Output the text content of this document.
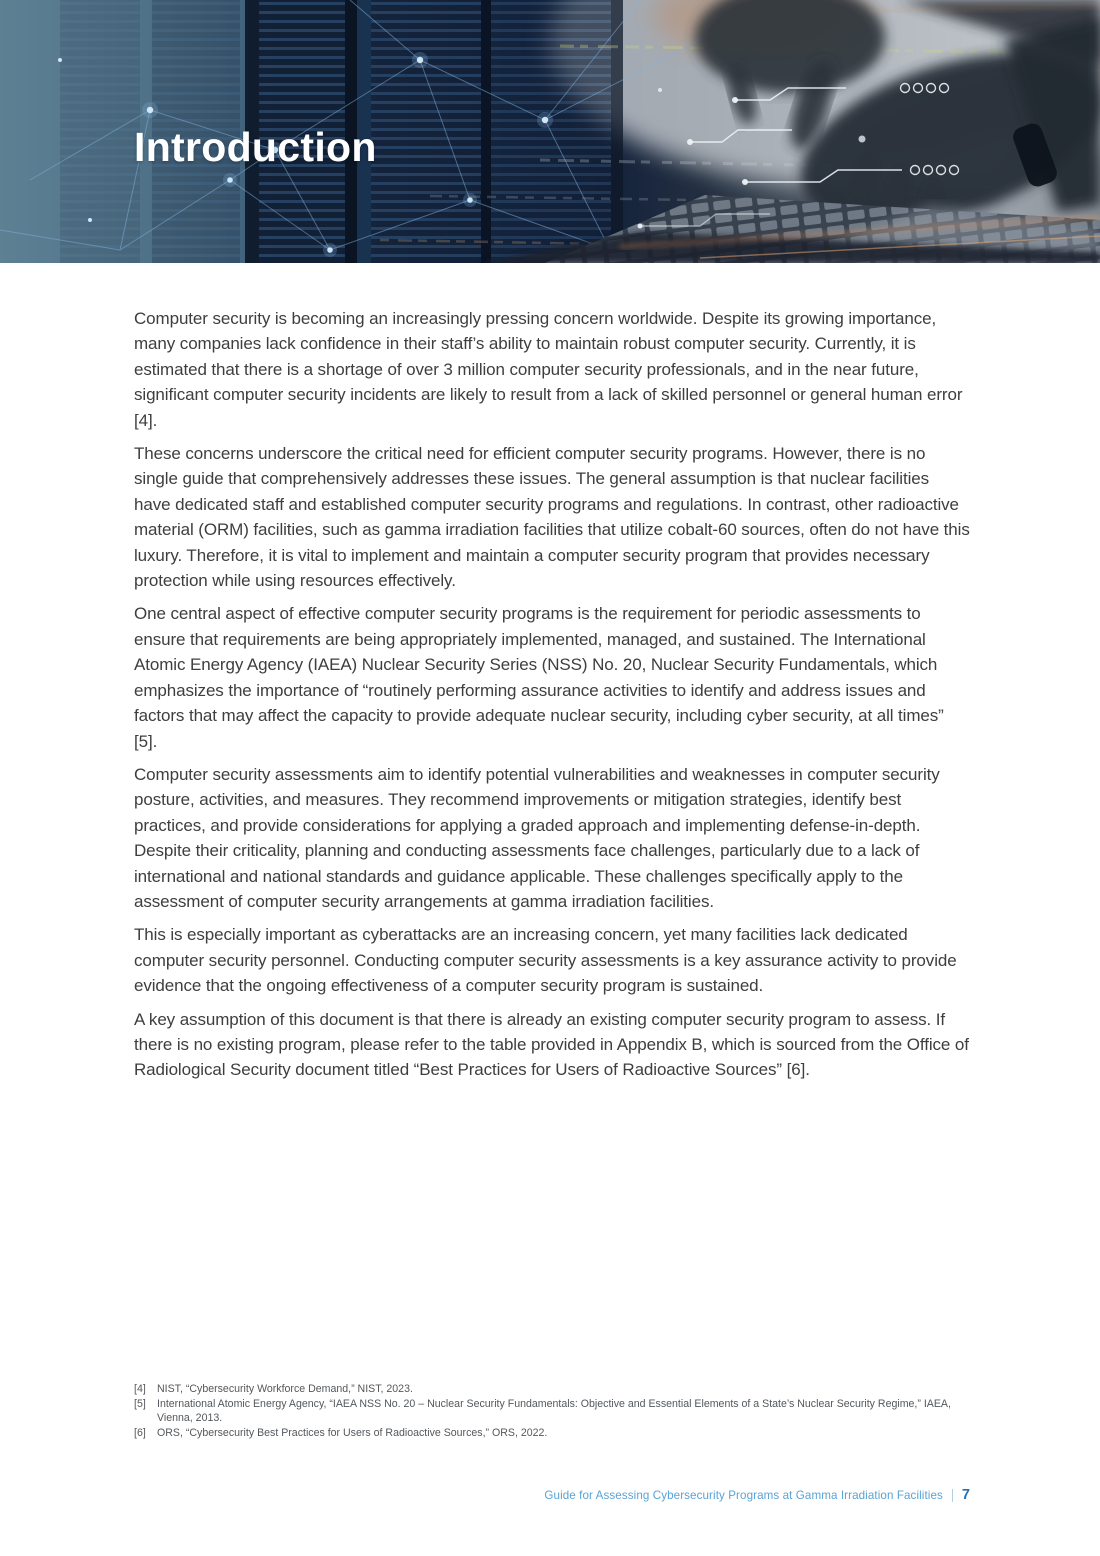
Introduction

Computer security is becoming an increasingly pressing concern worldwide. Despite its growing importance, many companies lack confidence in their staff’s ability to maintain robust computer security. Currently, it is estimated that there is a shortage of over 3 million computer security professionals, and in the near future, significant computer security incidents are likely to result from a lack of skilled personnel or general human error [4].

These concerns underscore the critical need for efficient computer security programs. However, there is no single guide that comprehensively addresses these issues. The general assumption is that nuclear facilities have dedicated staff and established computer security programs and regulations. In contrast, other radioactive material (ORM) facilities, such as gamma irradiation facilities that utilize cobalt-60 sources, often do not have this luxury. Therefore, it is vital to implement and maintain a computer security program that provides necessary protection while using resources effectively.

One central aspect of effective computer security programs is the requirement for periodic assessments to ensure that requirements are being appropriately implemented, managed, and sustained. The International Atomic Energy Agency (IAEA) Nuclear Security Series (NSS) No. 20, Nuclear Security Fundamentals, which emphasizes the importance of “routinely performing assurance activities to identify and address issues and factors that may affect the capacity to provide adequate nuclear security, including cyber security, at all times” [5].

Computer security assessments aim to identify potential vulnerabilities and weaknesses in computer security posture, activities, and measures. They recommend improvements or mitigation strategies, identify best practices, and provide considerations for applying a graded approach and implementing defense-in-depth. Despite their criticality, planning and conducting assessments face challenges, particularly due to a lack of international and national standards and guidance applicable. These challenges specifically apply to the assessment of computer security arrangements at gamma irradiation facilities.

This is especially important as cyberattacks are an increasing concern, yet many facilities lack dedicated computer security personnel. Conducting computer security assessments is a key assurance activity to provide evidence that the ongoing effectiveness of a computer security program is sustained.

A key assumption of this document is that there is already an existing computer security program to assess. If there is no existing program, please refer to the table provided in Appendix B, which is sourced from the Office of Radiological Security document titled “Best Practices for Users of Radioactive Sources” [6].

[4]	NIST, “Cybersecurity Workforce Demand,” NIST, 2023.
[5]	International Atomic Energy Agency, “IAEA NSS No. 20 – Nuclear Security Fundamentals: Objective and Essential Elements of a State’s Nuclear Security Regime,” IAEA, Vienna, 2013.
[6]	ORS, “Cybersecurity Best Practices for Users of Radioactive Sources,” ORS, 2022.
Guide for Assessing Cybersecurity Programs at Gamma Irradiation Facilities 7
